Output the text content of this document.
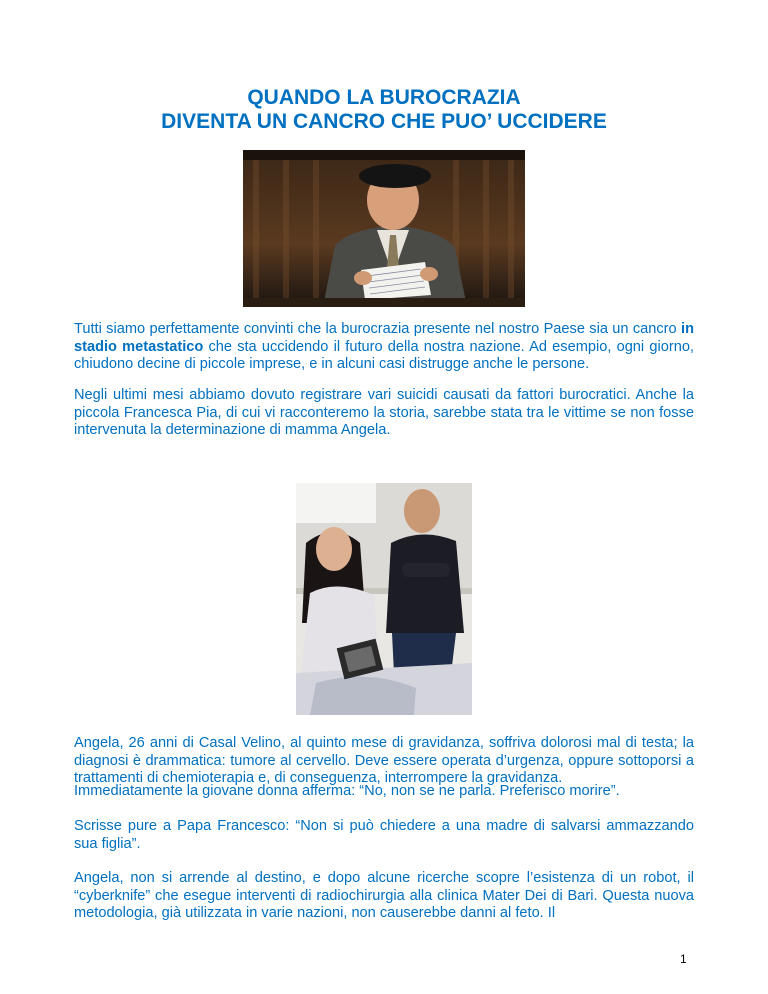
QUANDO LA BUROCRAZIA
DIVENTA UN CANCRO CHE PUO’ UCCIDERE
Tutti siamo perfettamente convinti che la burocrazia presente nel nostro Paese sia un cancro in stadio metastatico che sta uccidendo il futuro della nostra nazione. Ad esempio, ogni giorno, chiudono decine di piccole imprese, e in alcuni casi distrugge anche le persone.
Negli ultimi mesi abbiamo dovuto registrare vari suicidi causati da fattori burocratici. Anche la piccola Francesca Pia, di cui vi racconteremo la storia, sarebbe stata tra le vittime se non fosse intervenuta la determinazione di mamma Angela.
Angela, 26 anni di Casal Velino, al quinto mese di gravidanza, soffriva dolorosi mal di testa; la diagnosi è drammatica: tumore al cervello. Deve essere operata d’urgenza, oppure sottoporsi a trattamenti di chemioterapia e, di conseguenza, interrompere la gravidanza.
Immediatamente la giovane donna afferma: “No, non se ne parla. Preferisco morire”.
Scrisse pure a Papa Francesco: “Non si può chiedere a una madre di salvarsi ammazzando sua figlia”.
Angela, non si arrende al destino, e dopo alcune ricerche scopre l’esistenza di un robot, il “cyberknife” che esegue interventi di radiochirurgia alla clinica Mater Dei di Bari. Questa nuova metodologia, già utilizzata in varie nazioni, non causerebbe danni al feto. Il
1
